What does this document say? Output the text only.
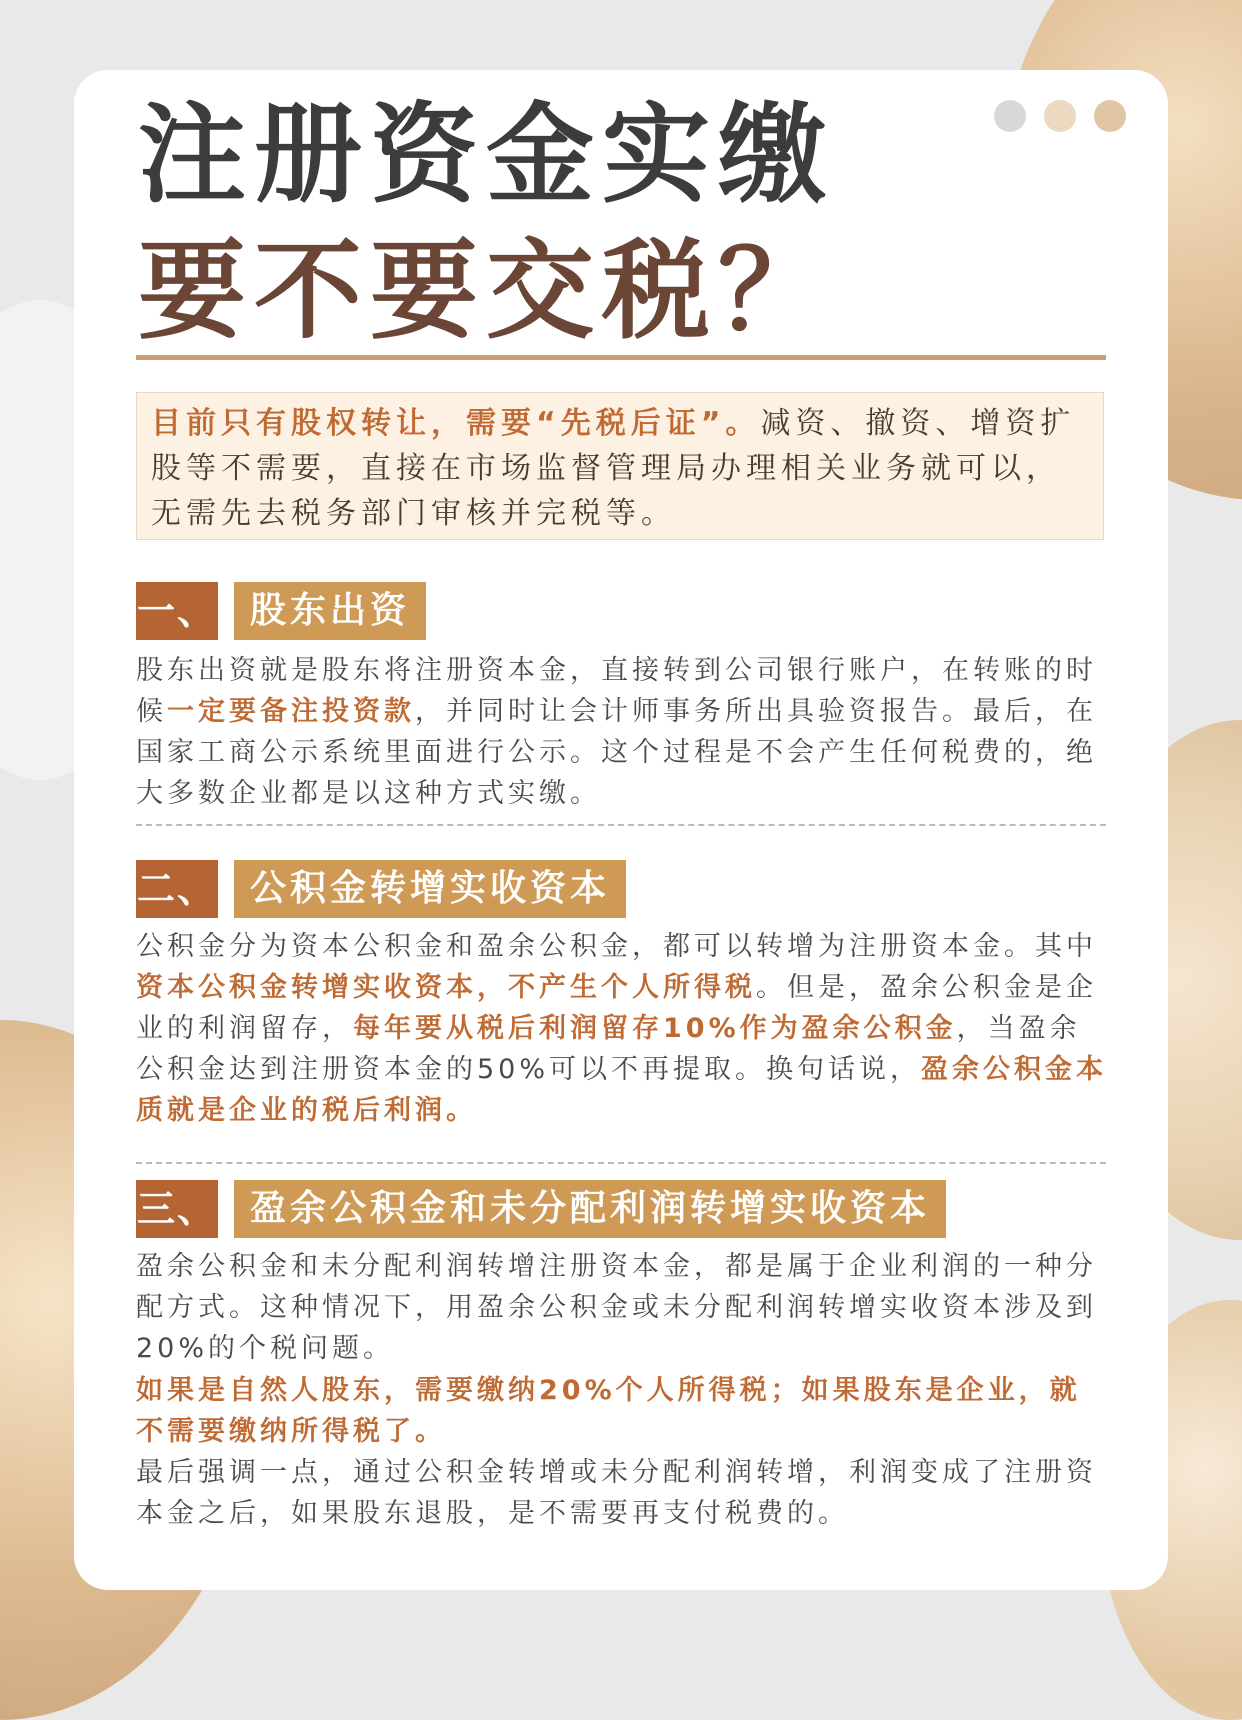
注册资金实缴
要不要交税？
目前只有股权转让，需要“先税后证”。减资、撤资、增资扩股等不需要，直接在市场监督管理局办理相关业务就可以，无需先去税务部门审核并完税等。
一、 股东出资

股东出资就是股东将注册资本金，直接转到公司银行账户，在转账的时候一定要备注投资款，并同时让会计师事务所出具验资报告。最后，在国家工商公示系统里面进行公示。这个过程是不会产生任何税费的，绝大多数企业都是以这种方式实缴。

二、 公积金转增实收资本

公积金分为资本公积金和盈余公积金，都可以转增为注册资本金。其中资本公积金转增实收资本，不产生个人所得税。但是，盈余公积金是企业的利润留存，每年要从税后利润留存10%作为盈余公积金，当盈余公积金达到注册资本金的50%可以不再提取。换句话说，盈余公积金本质就是企业的税后利润。

三、 盈余公积金和未分配利润转增实收资本

盈余公积金和未分配利润转增注册资本金，都是属于企业利润的一种分配方式。这种情况下，用盈余公积金或未分配利润转增实收资本涉及到20%的个税问题。

如果是自然人股东，需要缴纳20%个人所得税；如果股东是企业，就不需要缴纳所得税了。

最后强调一点，通过公积金转增或未分配利润转增，利润变成了注册资本金之后，如果股东退股，是不需要再支付税费的。
